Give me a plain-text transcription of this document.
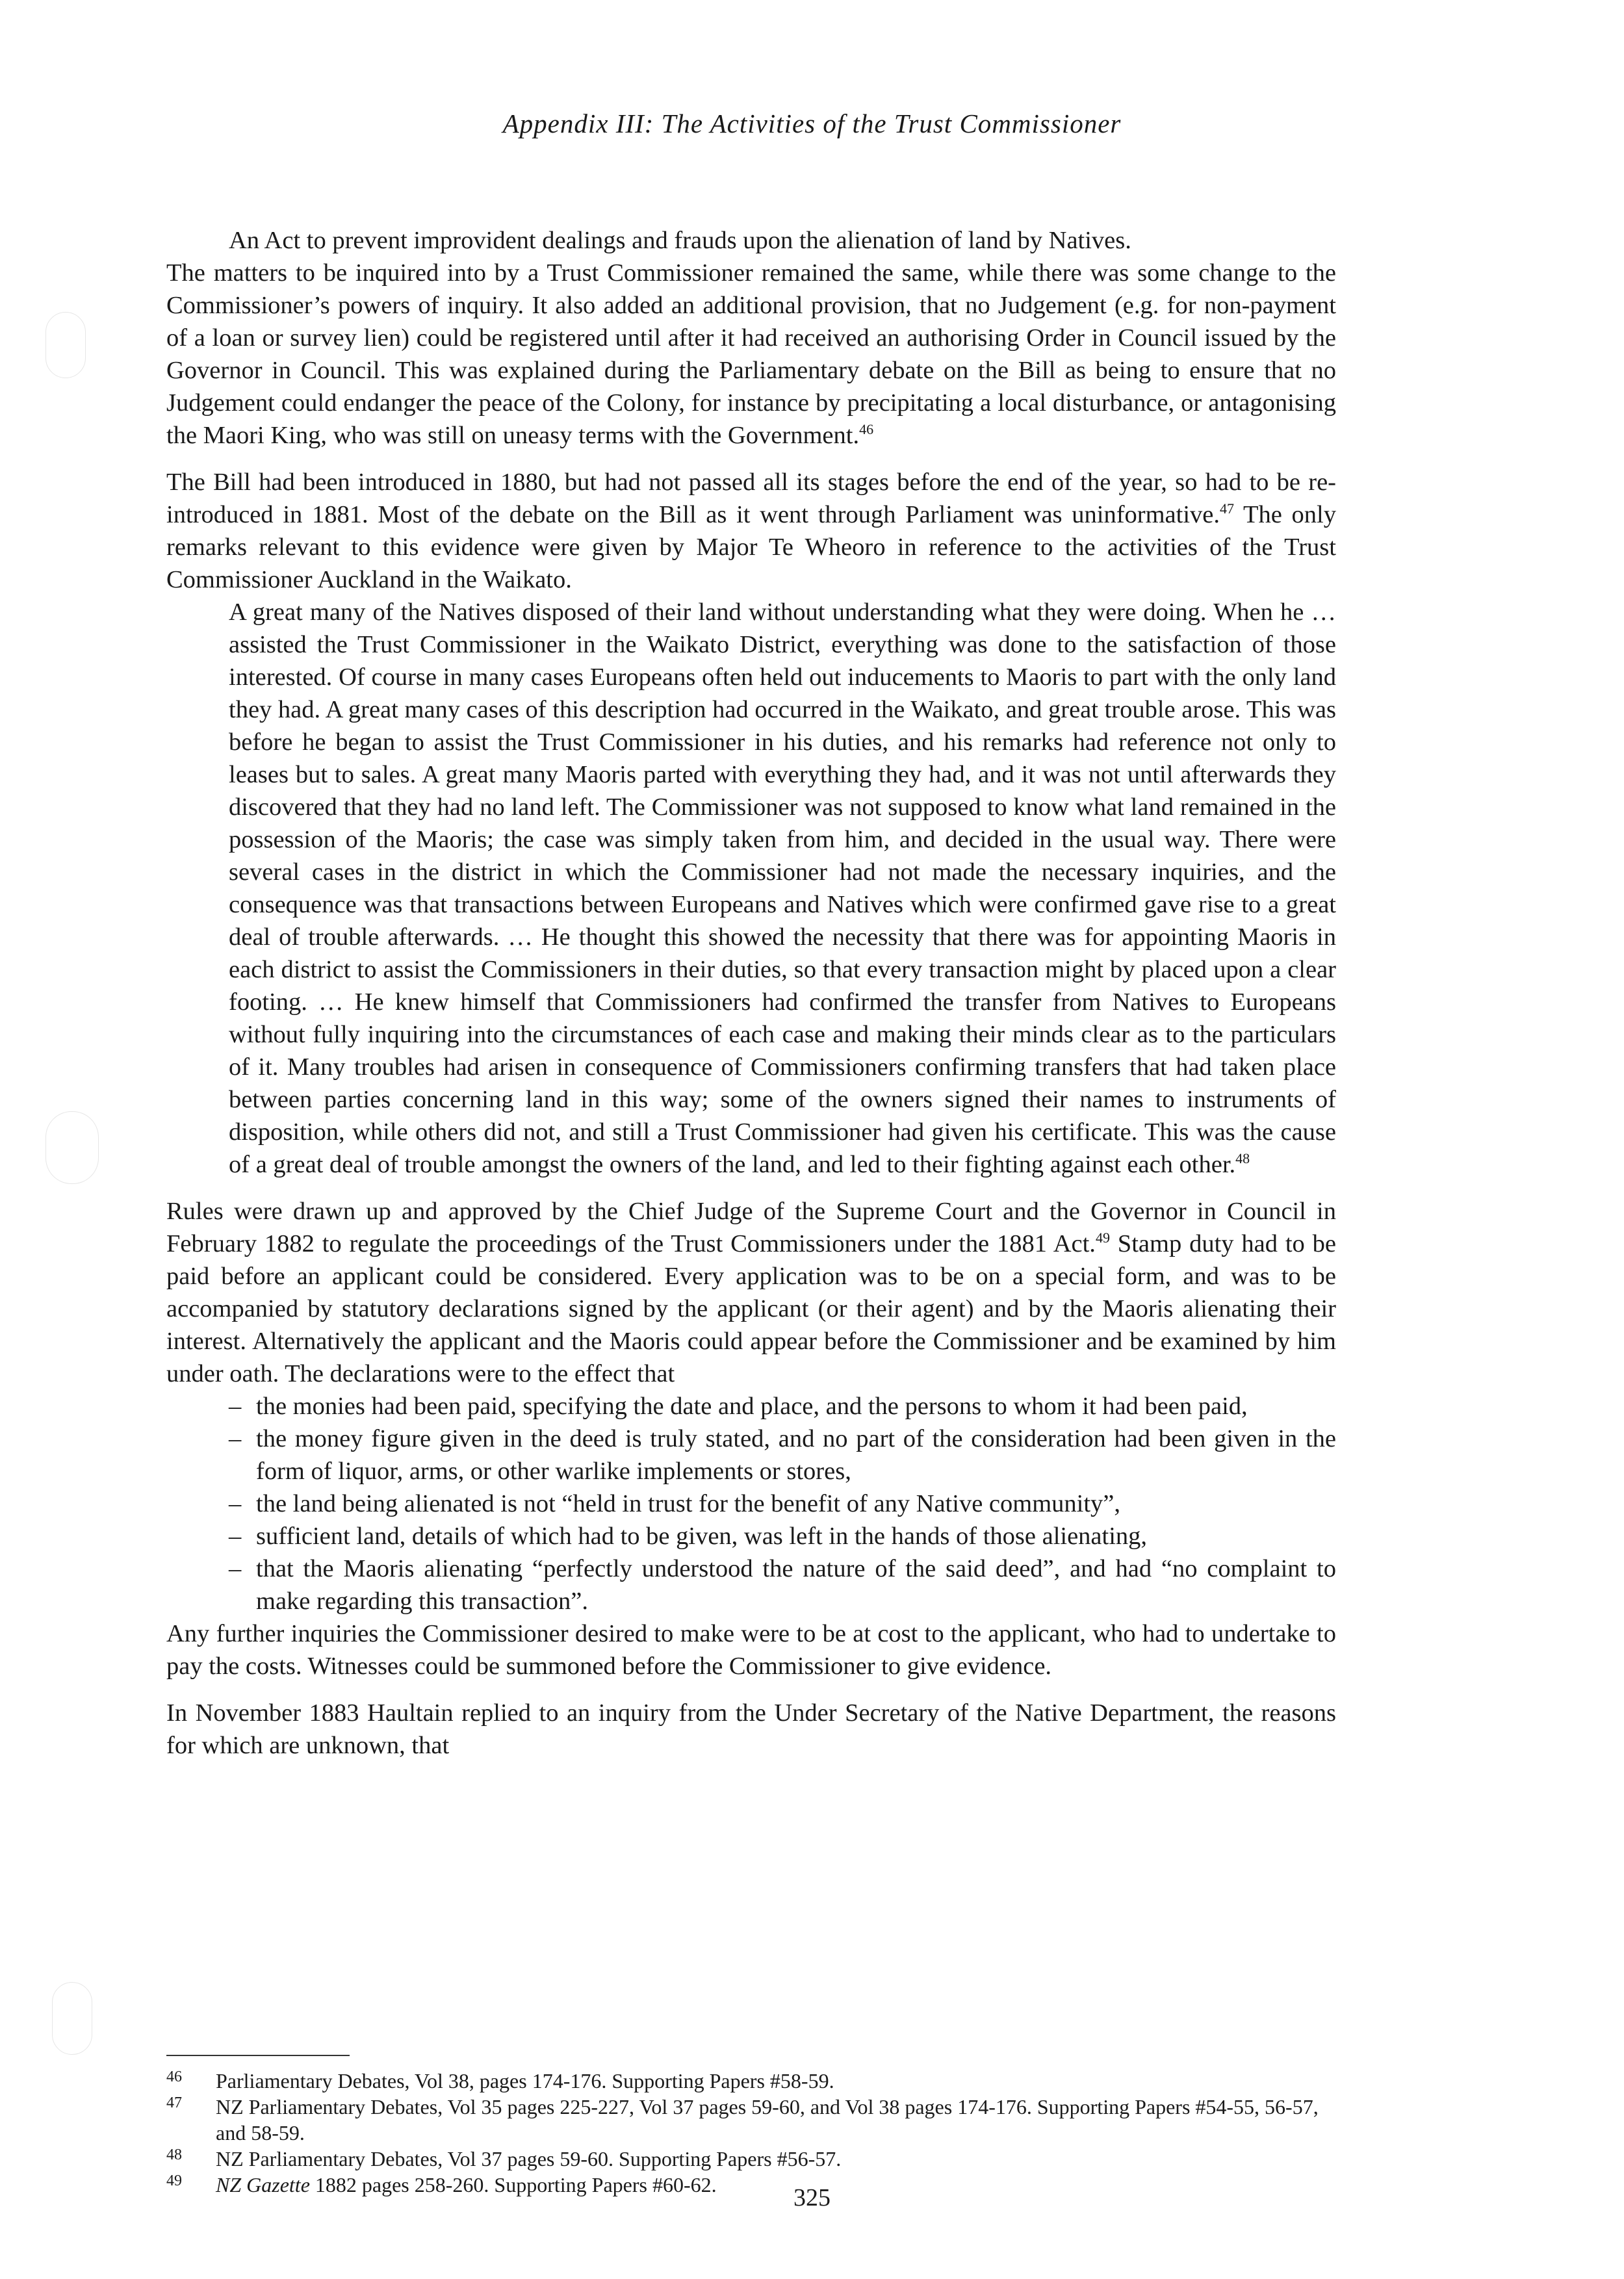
Appendix III: The Activities of the Trust Commissioner

An Act to prevent improvident dealings and frauds upon the alienation of land by Natives.

The matters to be inquired into by a Trust Commissioner remained the same, while there was some change to the Commissioner’s powers of inquiry. It also added an additional provision, that no Judgement (e.g. for non-payment of a loan or survey lien) could be registered until after it had received an authorising Order in Council issued by the Governor in Council. This was explained during the Parliamentary debate on the Bill as being to ensure that no Judgement could endanger the peace of the Colony, for instance by precipitating a local disturbance, or antagonising the Maori King, who was still on uneasy terms with the Government.$^{46}$

The Bill had been introduced in 1880, but had not passed all its stages before the end of the year, so had to be re-introduced in 1881. Most of the debate on the Bill as it went through Parliament was uninformative.$^{47}$ The only remarks relevant to this evidence were given by Major Te Wheoro in reference to the activities of the Trust Commissioner Auckland in the Waikato.

A great many of the Natives disposed of their land without understanding what they were doing. When he … assisted the Trust Commissioner in the Waikato District, everything was done to the satisfaction of those interested. Of course in many cases Europeans often held out inducements to Maoris to part with the only land they had. A great many cases of this description had occurred in the Waikato, and great trouble arose. This was before he began to assist the Trust Commissioner in his duties, and his remarks had reference not only to leases but to sales. A great many Maoris parted with everything they had, and it was not until afterwards they discovered that they had no land left. The Commissioner was not supposed to know what land remained in the possession of the Maoris; the case was simply taken from him, and decided in the usual way. There were several cases in the district in which the Commissioner had not made the necessary inquiries, and the consequence was that transactions between Europeans and Natives which were confirmed gave rise to a great deal of trouble afterwards. … He thought this showed the necessity that there was for appointing Maoris in each district to assist the Commissioners in their duties, so that every transaction might by placed upon a clear footing. … He knew himself that Commissioners had confirmed the transfer from Natives to Europeans without fully inquiring into the circumstances of each case and making their minds clear as to the particulars of it. Many troubles had arisen in consequence of Commissioners confirming transfers that had taken place between parties concerning land in this way; some of the owners signed their names to instruments of disposition, while others did not, and still a Trust Commissioner had given his certificate. This was the cause of a great deal of trouble amongst the owners of the land, and led to their fighting against each other.$^{48}$

Rules were drawn up and approved by the Chief Judge of the Supreme Court and the Governor in Council in February 1882 to regulate the proceedings of the Trust Commissioners under the 1881 Act.$^{49}$ Stamp duty had to be paid before an applicant could be considered. Every application was to be on a special form, and was to be accompanied by statutory declarations signed by the applicant (or their agent) and by the Maoris alienating their interest. Alternatively the applicant and the Maoris could appear before the Commissioner and be examined by him under oath. The declarations were to the effect that

– the monies had been paid, specifying the date and place, and the persons to whom it had been paid,
– the money figure given in the deed is truly stated, and no part of the consideration had been given in the form of liquor, arms, or other warlike implements or stores,
– the land being alienated is not “held in trust for the benefit of any Native community”,
– sufficient land, details of which had to be given, was left in the hands of those alienating,
– that the Maoris alienating “perfectly understood the nature of the said deed”, and had “no complaint to make regarding this transaction”.

Any further inquiries the Commissioner desired to make were to be at cost to the applicant, who had to undertake to pay the costs. Witnesses could be summoned before the Commissioner to give evidence.

In November 1883 Haultain replied to an inquiry from the Under Secretary of the Native Department, the reasons for which are unknown, that

46 Parliamentary Debates, Vol 38, pages 174-176. Supporting Papers #58-59.
47 NZ Parliamentary Debates, Vol 35 pages 225-227, Vol 37 pages 59-60, and Vol 38 pages 174-176. Supporting Papers #54-55, 56-57, and 58-59.
48 NZ Parliamentary Debates, Vol 37 pages 59-60. Supporting Papers #56-57.
49 NZ Gazette 1882 pages 258-260. Supporting Papers #60-62.	325
